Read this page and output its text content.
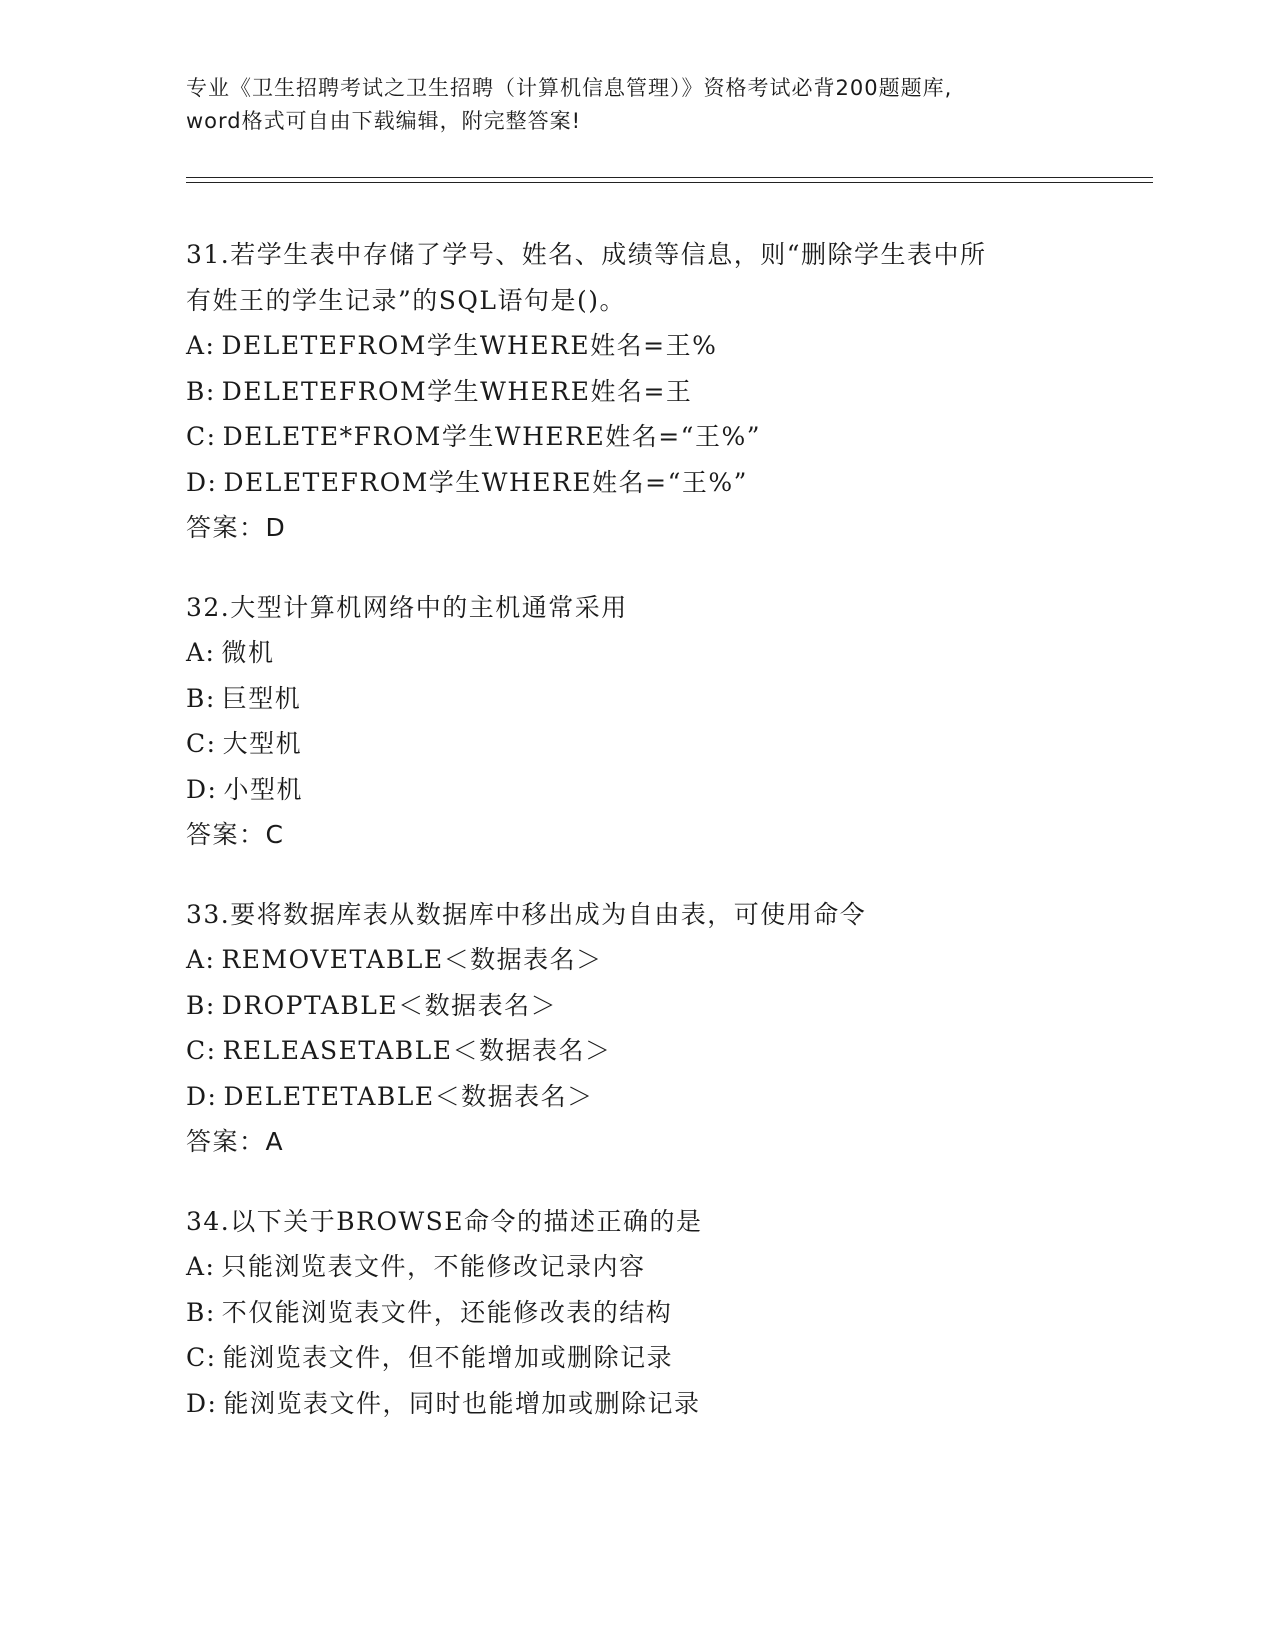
专业《卫生招聘考试之卫生招聘（计算机信息管理）》资格考试必背200题题库,
word格式可自由下载编辑，附完整答案!
31.若学生表中存储了学号、姓名、成绩等信息，则“删除学生表中所
有姓王的学生记录”的SQL语句是()。
A: DELETEFROM学生WHERE姓名=王%
B: DELETEFROM学生WHERE姓名=王
C: DELETE*FROM学生WHERE姓名=“王%”
D: DELETEFROM学生WHERE姓名=“王%”
答案：D
32.大型计算机网络中的主机通常采用
A: 微机
B: 巨型机
C: 大型机
D: 小型机
答案：C
33.要将数据库表从数据库中移出成为自由表，可使用命令
A: REMOVETABLE＜数据表名＞
B: DROPTABLE＜数据表名＞
C: RELEASETABLE＜数据表名＞
D: DELETETABLE＜数据表名＞
答案：A
34.以下关于BROWSE命令的描述正确的是
A: 只能浏览表文件，不能修改记录内容
B: 不仅能浏览表文件，还能修改表的结构
C: 能浏览表文件，但不能增加或删除记录
D: 能浏览表文件，同时也能增加或删除记录
